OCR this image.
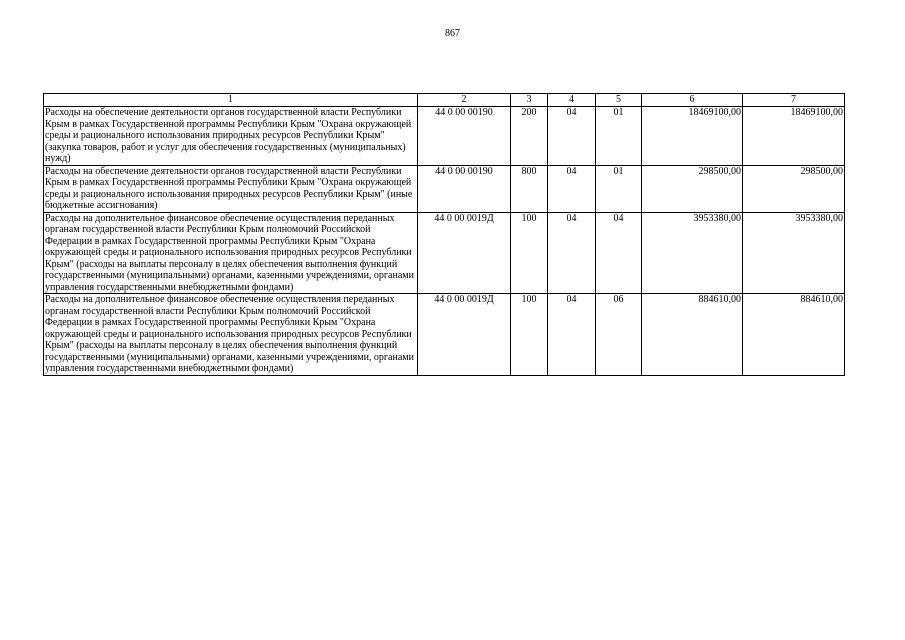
867
1	2	3	4	5	6	7
Расходы на обеспечение деятельности органов государственной власти Республики Крым в рамках Государственной программы Республики Крым "Охрана окружающей среды и рационального использования природных ресурсов Республики Крым" (закупка товаров, работ и услуг для обеспечения государственных (муниципальных) нужд)	44 0 00 00190	200	04	01	18469100,00	18469100,00
Расходы на обеспечение деятельности органов государственной власти Республики Крым в рамках Государственной программы Республики Крым "Охрана окружающей среды и рационального использования природных ресурсов Республики Крым" (иные бюджетные ассигнования)	44 0 00 00190	800	04	01	298500,00	298500,00
Расходы на дополнительное финансовое обеспечение осуществления переданных органам государственной власти Республики Крым полномочий Российской Федерации в рамках Государственной программы Республики Крым "Охрана окружающей среды и рационального использования природных ресурсов Республики Крым" (расходы на выплаты персоналу в целях обеспечения выполнения функций государственными (муниципальными) органами, казенными учреждениями, органами управления государственными внебюджетными фондами)	44 0 00 0019Д	100	04	04	3953380,00	3953380,00
Расходы на дополнительное финансовое обеспечение осуществления переданных органам государственной власти Республики Крым полномочий Российской Федерации в рамках Государственной программы Республики Крым "Охрана окружающей среды и рационального использования природных ресурсов Республики Крым" (расходы на выплаты персоналу в целях обеспечения выполнения функций государственными (муниципальными) органами, казенными учреждениями, органами управления государственными внебюджетными фондами)	44 0 00 0019Д	100	04	06	884610,00	884610,00
